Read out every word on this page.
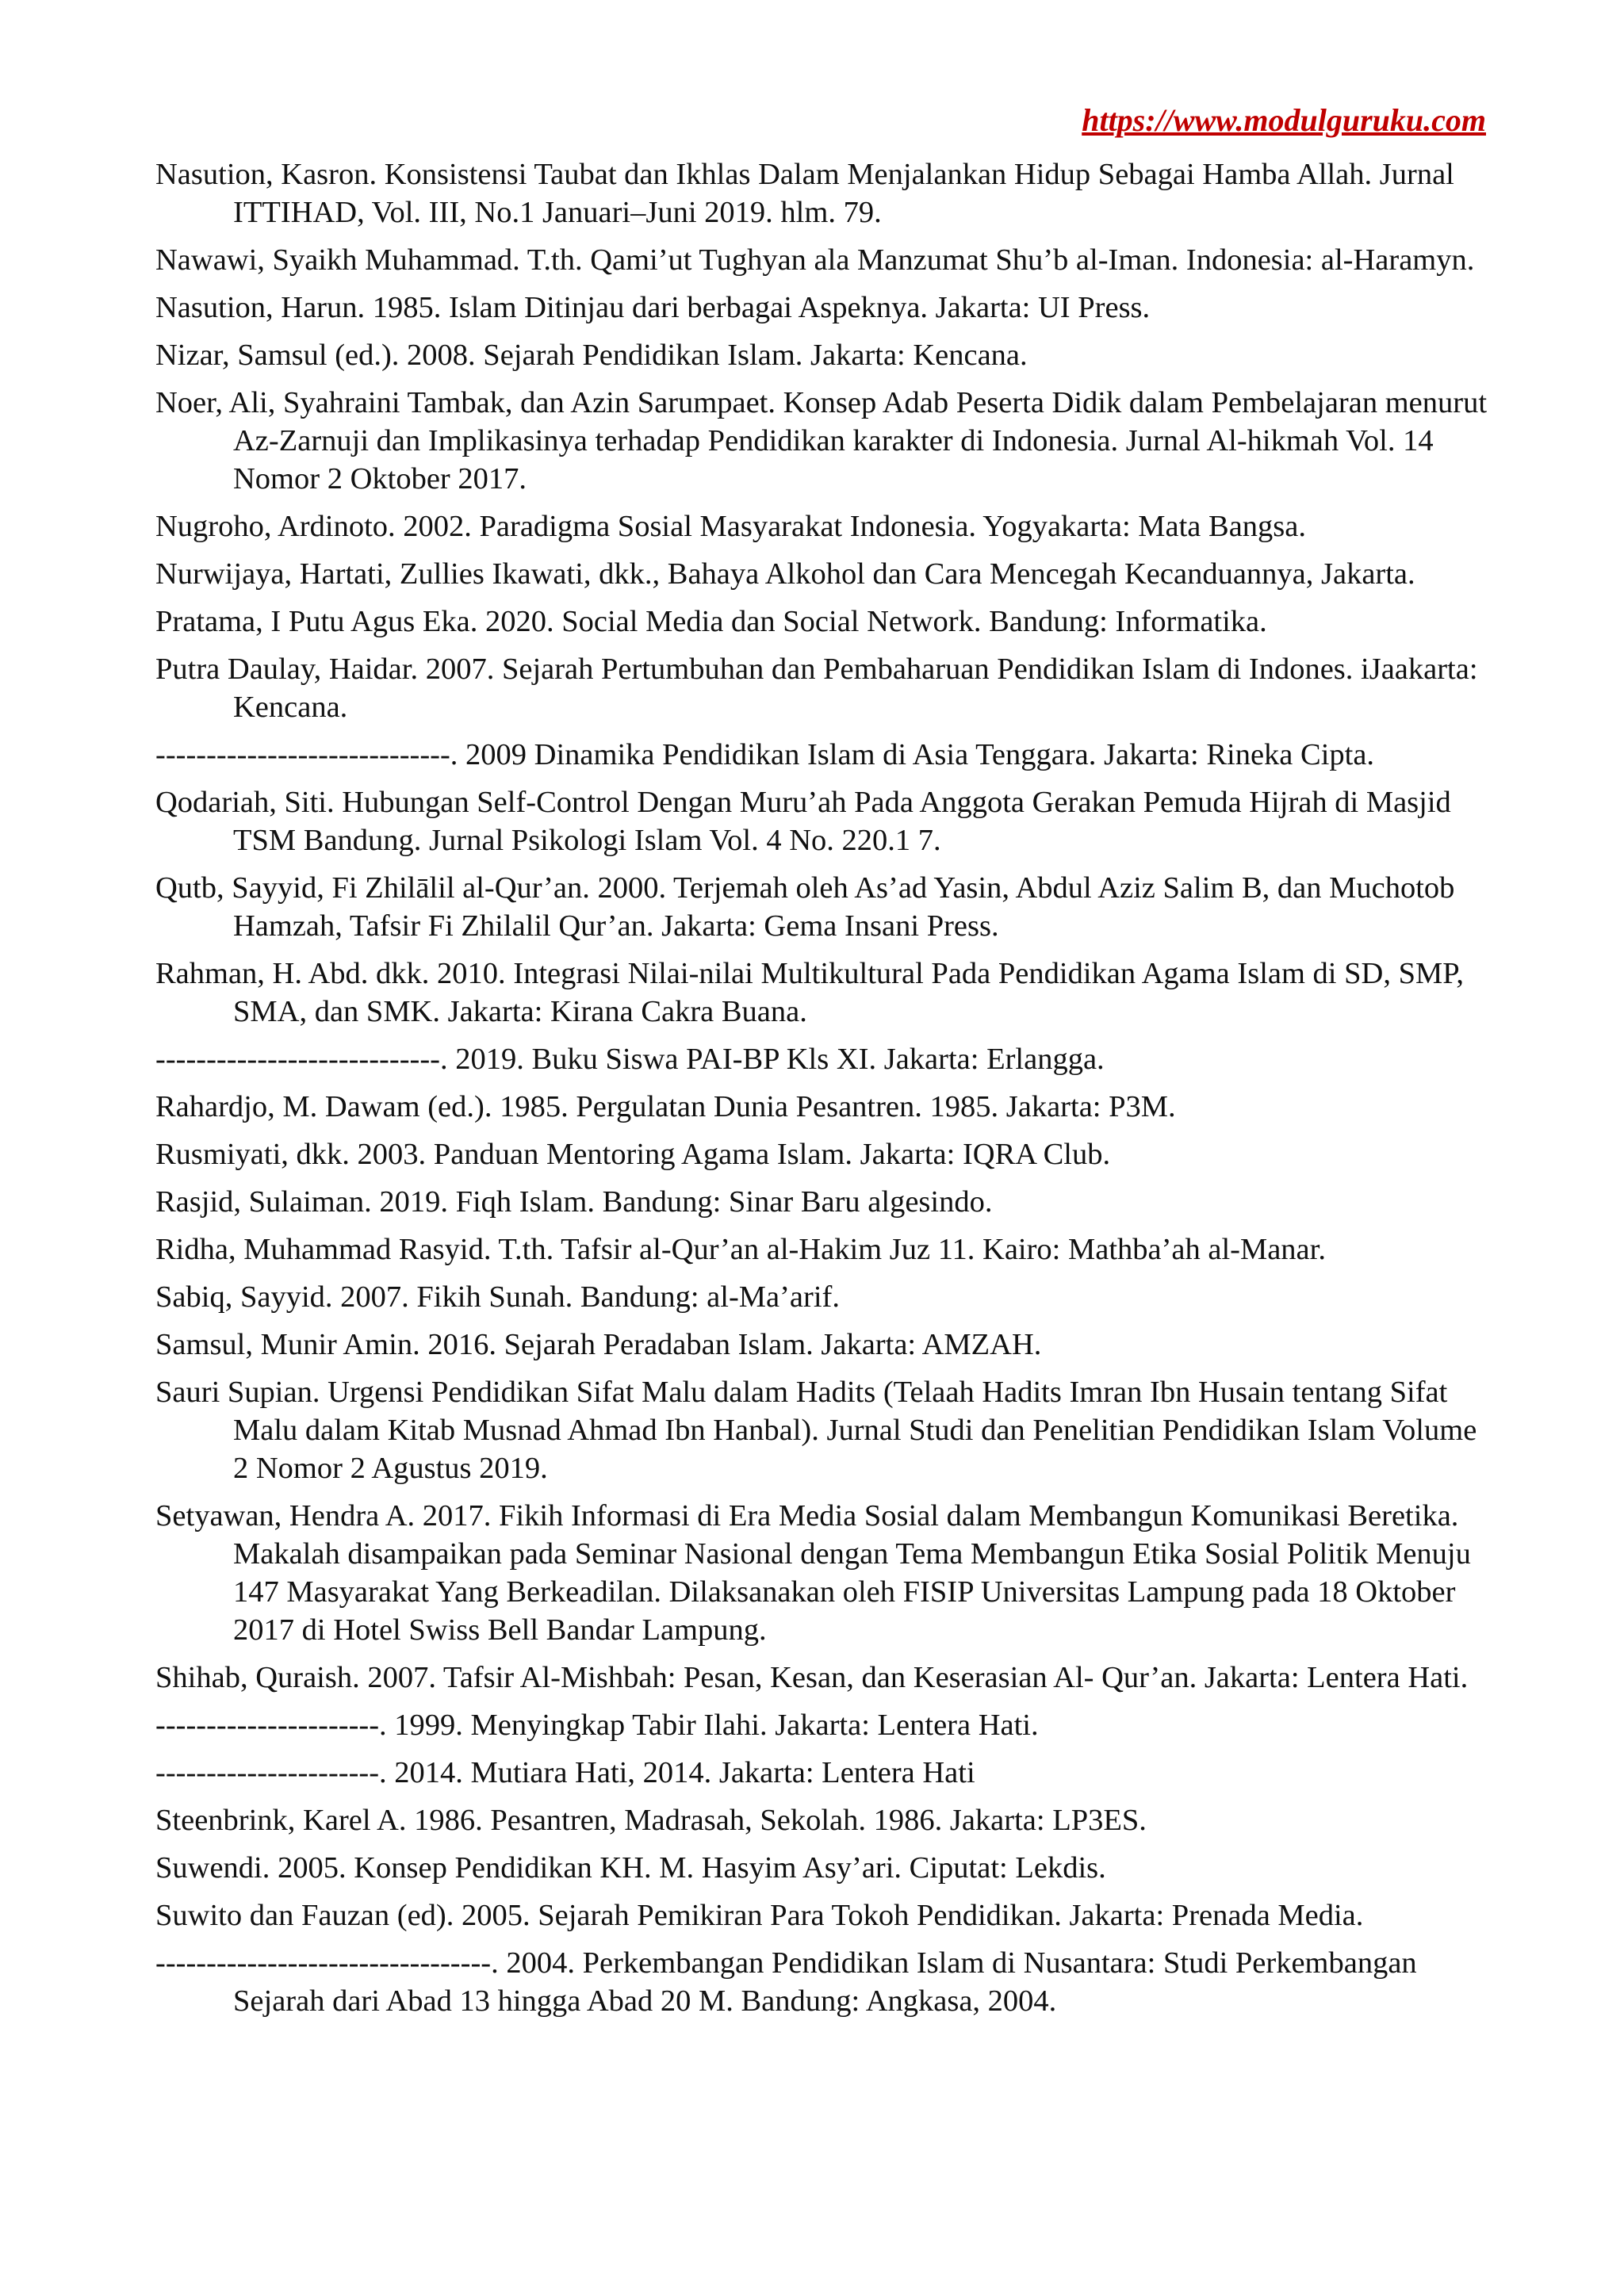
https://www.modulguruku.com
Nasution, Kasron. Konsistensi Taubat dan Ikhlas Dalam Menjalankan Hidup Sebagai Hamba Allah. Jurnal ITTIHAD, Vol. III, No.1 Januari–Juni 2019. hlm. 79.
Nawawi, Syaikh Muhammad. T.th. Qami’ut Tughyan ala Manzumat Shu’b al-Iman. Indonesia: al-Haramyn.
Nasution, Harun. 1985. Islam Ditinjau dari berbagai Aspeknya. Jakarta: UI Press.
Nizar, Samsul (ed.). 2008. Sejarah Pendidikan Islam. Jakarta: Kencana.
Noer, Ali, Syahraini Tambak, dan Azin Sarumpaet. Konsep Adab Peserta Didik dalam Pembelajaran menurut Az-Zarnuji dan Implikasinya terhadap Pendidikan karakter di Indonesia. Jurnal Al-hikmah Vol. 14 Nomor 2 Oktober 2017.
Nugroho, Ardinoto. 2002. Paradigma Sosial Masyarakat Indonesia. Yogyakarta: Mata Bangsa.
Nurwijaya, Hartati, Zullies Ikawati, dkk., Bahaya Alkohol dan Cara Mencegah Kecanduannya, Jakarta.
Pratama, I Putu Agus Eka. 2020. Social Media dan Social Network. Bandung: Informatika.
Putra Daulay, Haidar. 2007. Sejarah Pertumbuhan dan Pembaharuan Pendidikan Islam di Indones. iJaakarta: Kencana.
-----------------------------. 2009 Dinamika Pendidikan Islam di Asia Tenggara. Jakarta: Rineka Cipta.
Qodariah, Siti. Hubungan Self-Control Dengan Muru’ah Pada Anggota Gerakan Pemuda Hijrah di Masjid TSM Bandung. Jurnal Psikologi Islam Vol. 4 No. 220.1 7.
Qutb, Sayyid, Fi Zhilālil al-Qur’an. 2000. Terjemah oleh As’ad Yasin, Abdul Aziz Salim B, dan Muchotob Hamzah, Tafsir Fi Zhilalil Qur’an. Jakarta: Gema Insani Press.
Rahman, H. Abd. dkk. 2010. Integrasi Nilai-nilai Multikultural Pada Pendidikan Agama Islam di SD, SMP, SMA, dan SMK. Jakarta: Kirana Cakra Buana.
----------------------------. 2019. Buku Siswa PAI-BP Kls XI. Jakarta: Erlangga.
Rahardjo, M. Dawam (ed.). 1985. Pergulatan Dunia Pesantren. 1985. Jakarta: P3M.
Rusmiyati, dkk. 2003. Panduan Mentoring Agama Islam. Jakarta: IQRA Club.
Rasjid, Sulaiman. 2019. Fiqh Islam. Bandung: Sinar Baru algesindo.
Ridha, Muhammad Rasyid. T.th. Tafsir al-Qur’an al-Hakim Juz 11. Kairo: Mathba’ah al-Manar.
Sabiq, Sayyid. 2007. Fikih Sunah. Bandung: al-Ma’arif.
Samsul, Munir Amin. 2016. Sejarah Peradaban Islam. Jakarta: AMZAH.
Sauri Supian. Urgensi Pendidikan Sifat Malu dalam Hadits (Telaah Hadits Imran Ibn Husain tentang Sifat Malu dalam Kitab Musnad Ahmad Ibn Hanbal). Jurnal Studi dan Penelitian Pendidikan Islam Volume 2 Nomor 2 Agustus 2019.
Setyawan, Hendra A. 2017. Fikih Informasi di Era Media Sosial dalam Membangun Komunikasi Beretika. Makalah disampaikan pada Seminar Nasional dengan Tema Membangun Etika Sosial Politik Menuju 147 Masyarakat Yang Berkeadilan. Dilaksanakan oleh FISIP Universitas Lampung pada 18 Oktober 2017 di Hotel Swiss Bell Bandar Lampung.
Shihab, Quraish. 2007. Tafsir Al-Mishbah: Pesan, Kesan, dan Keserasian Al- Qur’an. Jakarta: Lentera Hati.
----------------------. 1999. Menyingkap Tabir Ilahi. Jakarta: Lentera Hati.
----------------------. 2014. Mutiara Hati, 2014. Jakarta: Lentera Hati
Steenbrink, Karel A. 1986. Pesantren, Madrasah, Sekolah. 1986. Jakarta: LP3ES.
Suwendi. 2005. Konsep Pendidikan KH. M. Hasyim Asy’ari. Ciputat: Lekdis.
Suwito dan Fauzan (ed). 2005. Sejarah Pemikiran Para Tokoh Pendidikan. Jakarta: Prenada Media.
---------------------------------. 2004. Perkembangan Pendidikan Islam di Nusantara: Studi Perkembangan Sejarah dari Abad 13 hingga Abad 20 M. Bandung: Angkasa, 2004.
